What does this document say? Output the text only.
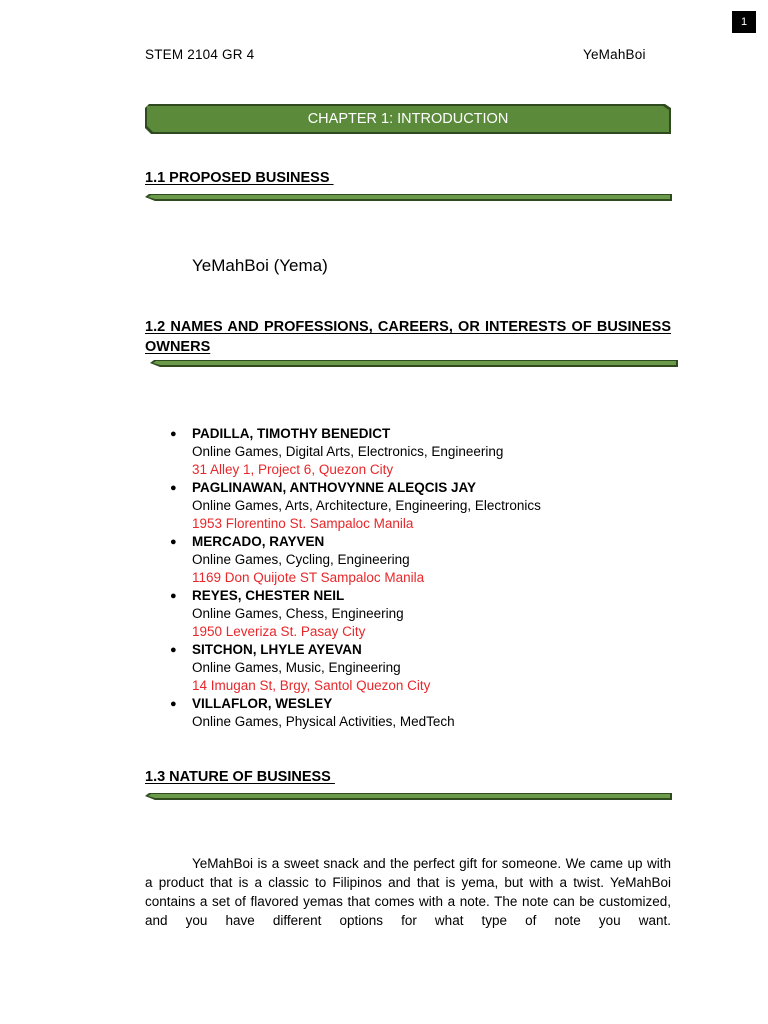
1
STEM 2104 GR 4	YeMahBoi
CHAPTER 1: INTRODUCTION
1.1 PROPOSED BUSINESS
YeMahBoi (Yema)
1.2 NAMES AND PROFESSIONS, CAREERS, OR INTERESTS OF BUSINESS OWNERS
● PADILLA, TIMOTHY BENEDICT
Online Games, Digital Arts, Electronics, Engineering
31 Alley 1, Project 6, Quezon City
● PAGLINAWAN, ANTHOVYNNE ALEQCIS JAY
Online Games, Arts, Architecture, Engineering, Electronics
1953 Florentino St. Sampaloc Manila
● MERCADO, RAYVEN
Online Games, Cycling, Engineering
1169 Don Quijote ST Sampaloc Manila
● REYES, CHESTER NEIL
Online Games, Chess, Engineering
1950 Leveriza St. Pasay City
● SITCHON, LHYLE AYEVAN
Online Games, Music, Engineering
14 Imugan St, Brgy, Santol Quezon City
● VILLAFLOR, WESLEY
Online Games, Physical Activities, MedTech
1.3 NATURE OF BUSINESS
YeMahBoi is a sweet snack and the perfect gift for someone. We came up with a product that is a classic to Filipinos and that is yema, but with a twist. YeMahBoi contains a set of flavored yemas that comes with a note. The note can be customized, and you have different options for what type of note you want.
